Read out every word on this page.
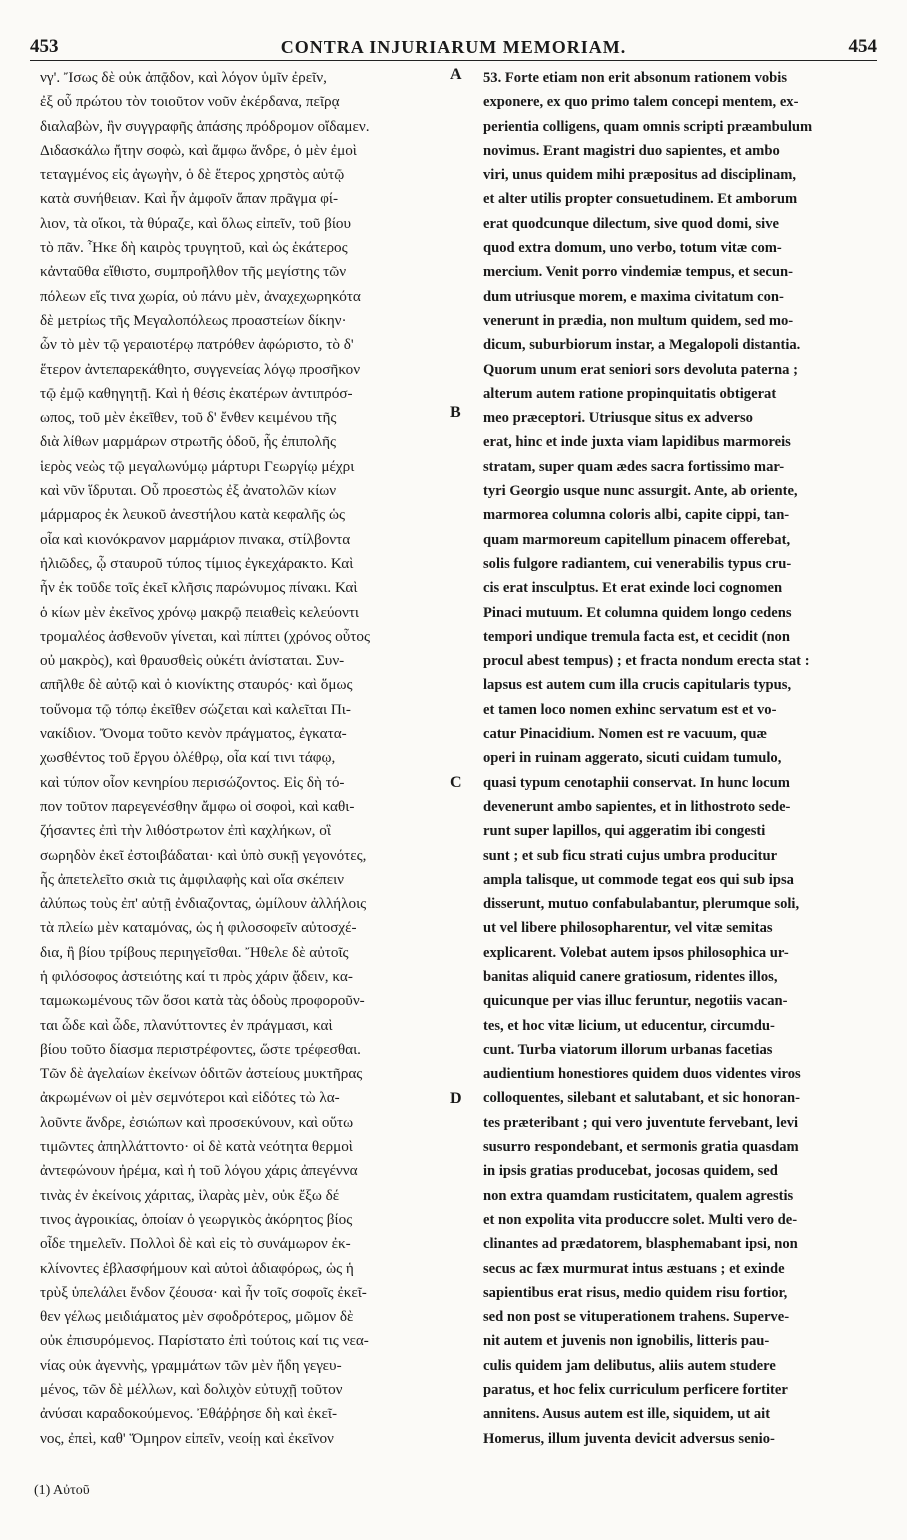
453	CONTRA INJURIARUM MEMORIAM.	454
νγ'. Ἴσως δὲ οὐκ ἀπᾷδον, καὶ λόγον ὑμῖν ἐρεῖν,
ἐξ οὗ πρώτου τὸν τοιοῦτον νοῦν ἐκέρδανα, πεῖρᾳ
διαλαβὼν, ἣν συγγραφῆς ἁπάσης πρόδρομον οἴδαμεν.
Διδασκάλω ἤτην σοφὼ, καὶ ἄμφω ἄνδρε, ὁ μὲν ἐμοὶ
τεταγμένος εἰς ἀγωγὴν, ὁ δὲ ἕτερος χρηστὸς αὐτῷ
κατὰ συνήθειαν. Καὶ ἦν ἀμφοῖν ἅπαν πρᾶγμα φί-
λιον, τὰ οἴκοι, τὰ θύραζε, καὶ ὅλως εἰπεῖν, τοῦ βίου
τὸ πᾶν. Ἧκε δὴ καιρὸς τρυγητοῦ, καὶ ὡς ἑκάτερος
κἀνταῦθα εἴθιστο, συμπροῆλθον τῆς μεγίστης τῶν
πόλεων εἴς τινα χωρία, οὐ πάνυ μὲν, ἀναχεχωρηκότα
δὲ μετρίως τῆς Μεγαλοπόλεως προαστείων δίκην·
ὧν τὸ μὲν τῷ γεραιοτέρῳ πατρόθεν ἀφώριστο, τὸ δ'
ἕτερον ἀντεπαρεκάθητο, συγγενείας λόγῳ προσῆκον
τῷ ἐμῷ καθηγητῇ. Καὶ ἡ θέσις ἑκατέρων ἀντιπρόσ-
ωπος, τοῦ μὲν ἐκεῖθεν, τοῦ δ' ἔνθεν κειμένου τῆς
διὰ λίθων μαρμάρων στρωτῆς ὁδοῦ, ἧς ἐπιπολῆς
ἱερὸς νεὼς τῷ μεγαλωνύμῳ μάρτυρι Γεωργίῳ μέχρι
καὶ νῦν ἵδρυται. Οὗ προεστὼς ἐξ ἀνατολῶν κίων
μάρμαρος ἐκ λευκοῦ ἀνεστήλου κατὰ κεφαλῆς ὡς
οἷα καὶ κιονόκρανον μαρμάριον πινακα, στίλβοντα
ἡλιῶδες, ᾧ σταυροῦ τύπος τίμιος ἐγκεχάρακτο. Καὶ
ἦν ἐκ τοῦδε τοῖς ἐκεῖ κλῆσις παρώνυμος πίνακι. Καὶ
ὁ κίων μὲν ἐκεῖνος χρόνῳ μακρῷ πειαθεὶς κελεύοντι
τρομαλέος ἀσθενοῦν γίνεται, καὶ πίπτει (χρόνος οὗτος
οὐ μακρὸς), καὶ θραυσθεὶς οὐκέτι ἀνίσταται. Συν-
απῆλθε δὲ αὐτῷ καὶ ὁ κιονίκτης σταυρός· καὶ ὅμως
τοὔνομα τῷ τόπῳ ἐκεῖθεν σώζεται καὶ καλεῖται Πι-
νακίδιον. Ὄνομα τοῦτο κενὸν πράγματος, ἐγκατα-
χωσθέντος τοῦ ἔργου ὀλέθρῳ, οἷα καί τινι τάφῳ,
καὶ τύπον οἷον κενηρίου περισώζοντος. Εἰς δὴ τό-
πον τοῦτον παρεγενέσθην ἄμφω οἱ σοφοὶ, καὶ καθι-
ζήσαντες ἐπὶ τὴν λιθόστρωτον ἐπὶ καχλήκων, οἳ
σωρηδὸν ἐκεῖ ἐστοιβάδαται· καὶ ὑπὸ συκῇ γεγονότες,
ἧς ἀπετελεῖτο σκιὰ τις ἀμφιλαφὴς καὶ οἵα σκέπειν
ἀλύπως τοὺς ἐπ' αὐτῇ ἐνδιαζοντας, ὡμίλουν ἀλλήλοις
τὰ πλείω μὲν καταμόνας, ὡς ἡ φιλοσοφεῖν αὐτοσχέ-
δια, ἢ βίου τρίβους περιηγεῖσθαι. Ἤθελε δὲ αὐτοῖς
ἡ φιλόσοφος ἀστειότης καί τι πρὸς χάριν ᾄδειν, κα-
ταμωκωμένους τῶν ὅσοι κατὰ τὰς ὁδοὺς προφοροῦν-
ται ὧδε καὶ ὧδε, πλανύττοντες ἐν πράγμασι, καὶ
βίου τοῦτο δίασμα περιστρέφοντες, ὥστε τρέφεσθαι.
Τῶν δὲ ἀγελαίων ἐκείνων ὁδιτῶν ἀστείους μυκτῆρας
ἀκρωμένων οἱ μὲν σεμνότεροι καὶ εἰδότες τὼ λα-
λοῦντε ἄνδρε, ἐσιώπων καὶ προσεκύνουν, καὶ οὕτω
τιμῶντες ἀπηλλάττοντο· οἱ δὲ κατὰ νεότητα θερμοὶ
ἀντεφώνουν ἠρέμα, καὶ ἡ τοῦ λόγου χάρις ἀπεγέννα
τινὰς ἐν ἐκείνοις χάριτας, ἱλαρὰς μὲν, οὐκ ἔξω δέ
τινος ἀγροικίας, ὁποίαν ὁ γεωργικὸς ἀκόρητος βίος
οἶδε τημελεῖν. Πολλοὶ δὲ καὶ εἰς τὸ συνάμωρον ἐκ-
κλίνοντες ἐβλασφήμουν καὶ αὐτοὶ ἀδιαφόρως, ὡς ἡ
τρὺξ ὑπελάλει ἔνδον ζέουσα· καὶ ἦν τοῖς σοφοῖς ἐκεῖ-
θεν γέλως μειδιάματος μὲν σφοδρότερος, μῶμον δὲ
οὐκ ἐπισυρόμενος. Παρίστατο ἐπὶ τούτοις καί τις νεα-
νίας οὐκ ἀγεννὴς, γραμμάτων τῶν μὲν ἤδη γεγευ-
μένος, τῶν δὲ μέλλων, καὶ δολιχὸν εὐτυχῇ τοῦτον
ἀνύσαι καραδοκούμενος. Ἐθάῤῥησε δὴ καὶ ἐκεῖ-
νος, ἐπεὶ, καθ' Ὅμηρον εἰπεῖν, νεοίῃ καὶ ἐκεῖνον
53. Forte etiam non erit absonum rationem vobis
exponere, ex quo primo talem concepi mentem, ex-
perientia colligens, quam omnis scripti præambulum
novimus. Erant magistri duo sapientes, et ambo
viri, unus quidem mihi præpositus ad disciplinam,
et alter utilis propter consuetudinem. Et amborum
erat quodcunque dilectum, sive quod domi, sive
quod extra domum, uno verbo, totum vitæ com-
mercium. Venit porro vindemiæ tempus, et secun-
dum utriusque morem, e maxima civitatum con-
venerunt in prædia, non multum quidem, sed mo-
dicum, suburbiorum instar, a Megalopoli distantia.
Quorum unum erat seniori sors devoluta paterna ;
alterum autem ratione propinquitatis obtigerat
meo præceptori. Utriusque situs ex adverso
erat, hinc et inde juxta viam lapidibus marmoreis
stratam, super quam ædes sacra fortissimo mar-
tyri Georgio usque nunc assurgit. Ante, ab oriente,
marmorea columna coloris albi, capite cippi, tan-
quam marmoreum capitellum pinacem offerebat,
solis fulgore radiantem, cui venerabilis typus cru-
cis erat insculptus. Et erat exinde loci cognomen
Pinaci mutuum. Et columna quidem longo cedens
tempori undique tremula facta est, et cecidit (non
procul abest tempus) ; et fracta nondum erecta stat :
lapsus est autem cum illa crucis capitularis typus,
et tamen loco nomen exhinc servatum est et vo-
catur Pinacidium. Nomen est re vacuum, quæ
operi in ruinam aggerato, sicuti cuidam tumulo,
quasi typum cenotaphii conservat. In hunc locum
devenerunt ambo sapientes, et in lithostroto sede-
runt super lapillos, qui aggeratim ibi congesti
sunt ; et sub ficu strati cujus umbra producitur
ampla talisque, ut commode tegat eos qui sub ipsa
disserunt, mutuo confabulabantur, plerumque soli,
ut vel libere philosopharentur, vel vitæ semitas
explicarent. Volebat autem ipsos philosophica ur-
banitas aliquid canere gratiosum, ridentes illos,
quicunque per vias illuc feruntur, negotiis vacan-
tes, et hoc vitæ licium, ut educentur, circumdu-
cunt. Turba viatorum illorum urbanas facetias
audientium honestiores quidem duos videntes viros
colloquentes, silebant et salutabant, et sic honoran-
tes præteribant ; qui vero juventute fervebant, levi
susurro respondebant, et sermonis gratia quasdam
in ipsis gratias producebat, jocosas quidem, sed
non extra quamdam rusticitatem, qualem agrestis
et non expolita vita produccre solet. Multi vero de-
clinantes ad prædatorem, blasphemabant ipsi, non
secus ac fæx murmurat intus æstuans ; et exinde
sapientibus erat risus, medio quidem risu fortior,
sed non post se vituperationem trahens. Superve-
nit autem et juvenis non ignobilis, litteris pau-
culis quidem jam delibutus, aliis autem studere
paratus, et hoc felix curriculum perficere fortiter
annitens. Ausus autem est ille, siquidem, ut ait
Homerus, illum juventa devicit adversus senio-
A
B
C
D
(1) Αὐτοῦ
